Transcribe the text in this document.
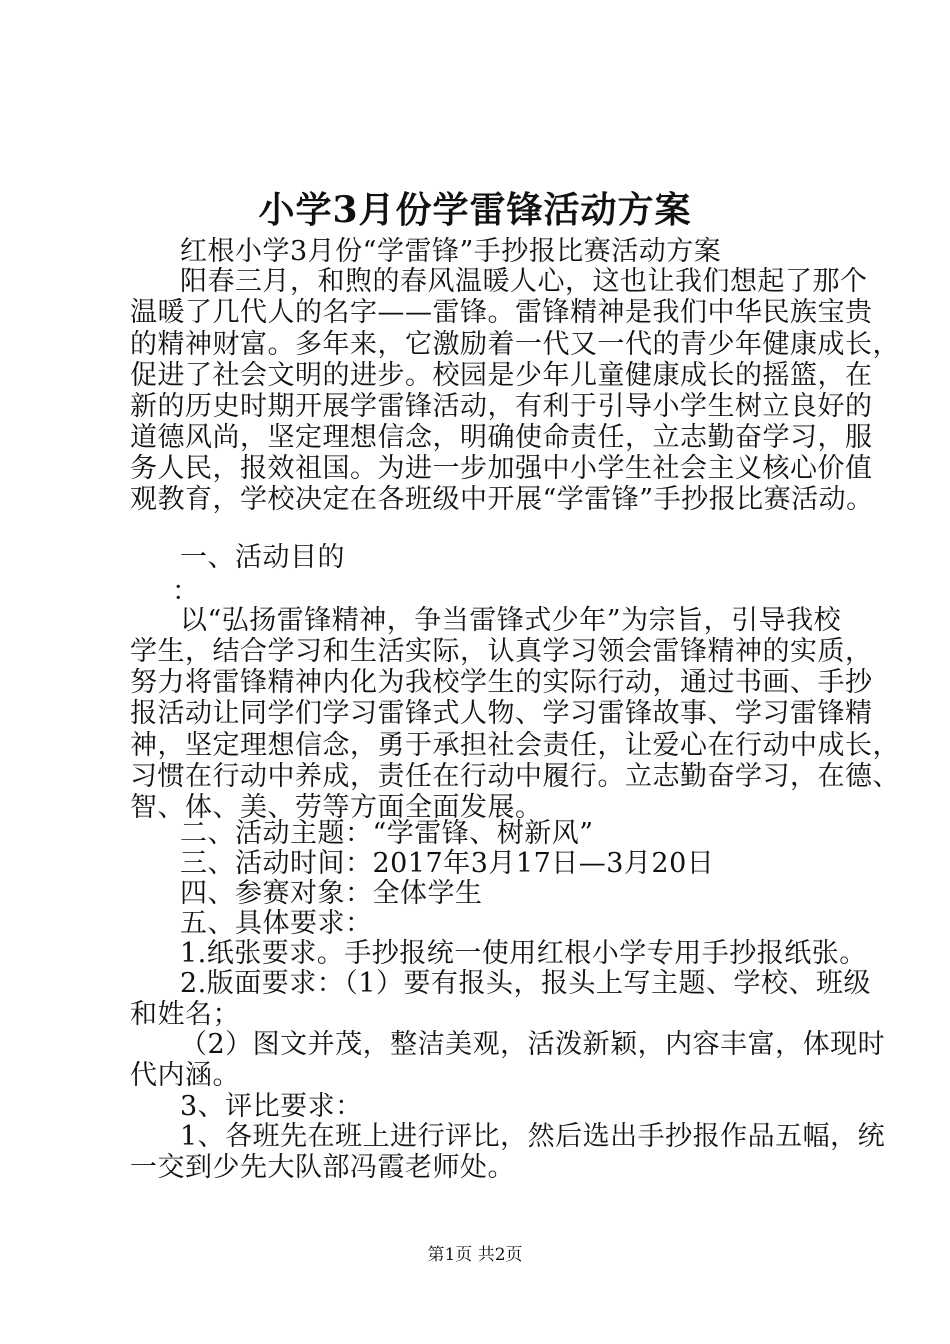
小学3月份学雷锋活动方案
红根小学3月份“学雷锋”手抄报比赛活动方案
阳春三月，和煦的春风温暖人心，这也让我们想起了那个
温暖了几代人的名字——雷锋。雷锋精神是我们中华民族宝贵
的精神财富。多年来，它激励着一代又一代的青少年健康成长，
促进了社会文明的进步。校园是少年儿童健康成长的摇篮，在
新的历史时期开展学雷锋活动，有利于引导小学生树立良好的
道德风尚，坚定理想信念，明确使命责任，立志勤奋学习，服
务人民，报效祖国。为进一步加强中小学生社会主义核心价值
观教育，学校决定在各班级中开展“学雷锋”手抄报比赛活动。
一、活动目的
：
以“弘扬雷锋精神，争当雷锋式少年”为宗旨，引导我校
学生，结合学习和生活实际，认真学习领会雷锋精神的实质，
努力将雷锋精神内化为我校学生的实际行动，通过书画、手抄
报活动让同学们学习雷锋式人物、学习雷锋故事、学习雷锋精
神，坚定理想信念，勇于承担社会责任，让爱心在行动中成长，
习惯在行动中养成，责任在行动中履行。立志勤奋学习，在德、
智、体、美、劳等方面全面发展。
二、活动主题：“学雷锋、树新风”
三、活动时间：2017年3月17日—3月20日
四、参赛对象：全体学生
五、具体要求：
1.纸张要求。手抄报统一使用红根小学专用手抄报纸张。
2.版面要求：（1）要有报头，报头上写主题、学校、班级
和姓名；
（2）图文并茂，整洁美观，活泼新颖，内容丰富，体现时
代内涵。
3、评比要求：
1、各班先在班上进行评比，然后选出手抄报作品五幅，统
一交到少先大队部冯霞老师处。
第1页 共2页
